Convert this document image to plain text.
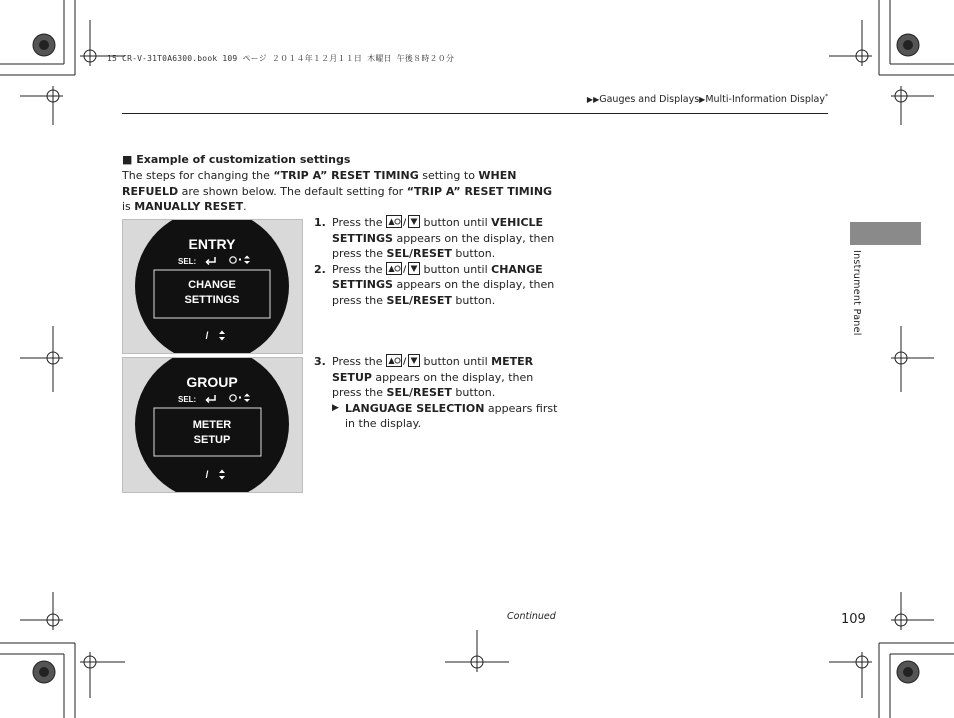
15 CR-V-31T0A6300.book 109 ページ ２０１４年１２月１１日 木曜日 午後８時２０分
▶▶Gauges and Displays▶Multi-Information Display*
Instrument Panel
■ Example of customization settings
The steps for changing the “TRIP A” RESET TIMING setting to WHEN REFUELD are shown below. The default setting for “TRIP A” RESET TIMING is MANUALLY RESET.
ENTRY
SEL:
CHANGE
SETTINGS
/
GROUP
SEL:
METER
SETUP
/
1. Press the / button until VEHICLE SETTINGS appears on the display, then press the SEL/RESET button.
2. Press the / button until CHANGE SETTINGS appears on the display, then press the SEL/RESET button.
3. Press the / button until METER SETUP appears on the display, then press the SEL/RESET button.
▶ LANGUAGE SELECTION appears first in the display.
Continued	109
